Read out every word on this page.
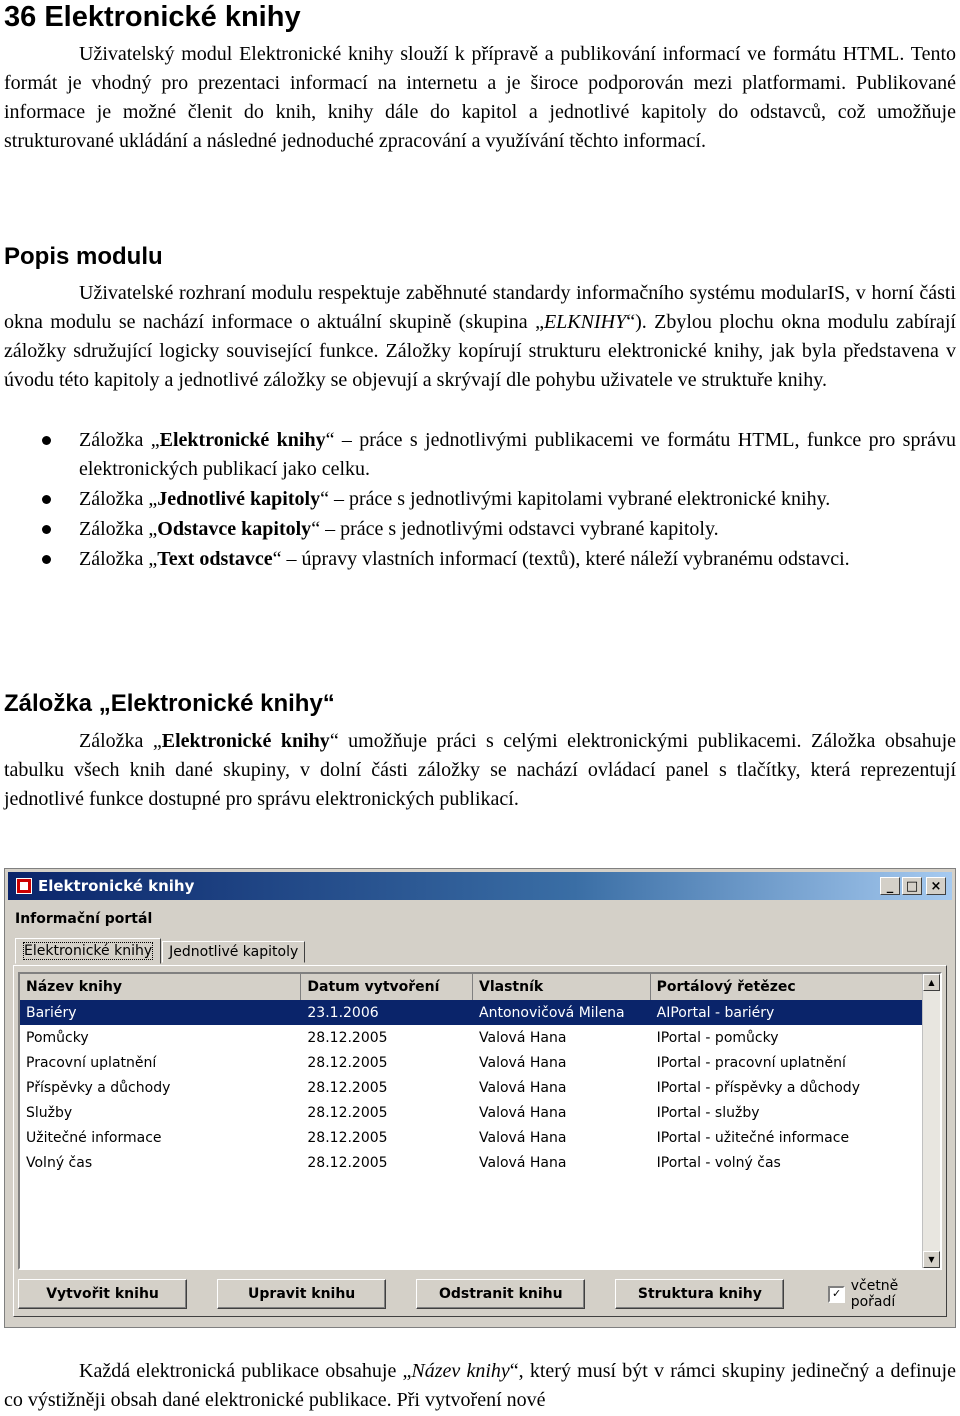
36 Elektronické knihy

Uživatelský modul Elektronické knihy slouží k přípravě a publikování informací ve formátu HTML. Tento formát je vhodný pro prezentaci informací na internetu a je široce podporován mezi platformami. Publikované informace je možné členit do knih, knihy dále do kapitol a jednotlivé kapitoly do odstavců, což umožňuje strukturované ukládání a následné jednoduché zpracování a využívání těchto informací.

Popis modulu

Uživatelské rozhraní modulu respektuje zaběhnuté standardy informačního systému modularIS, v horní části okna modulu se nachází informace o aktuální skupině (skupina „ELKNIHY“). Zbylou plochu okna modulu zabírají záložky sdružující logicky související funkce. Záložky kopírují strukturu elektronické knihy, jak byla představena v úvodu této kapitoly a jednotlivé záložky se objevují a skrývají dle pohybu uživatele ve struktuře knihy.

Záložka „Elektronické knihy“ – práce s jednotlivými publikacemi ve formátu HTML, funkce pro správu elektronických publikací jako celku.
Záložka „Jednotlivé kapitoly“ – práce s jednotlivými kapitolami vybrané elektronické knihy.
Záložka „Odstavce kapitoly“ – práce s jednotlivými odstavci vybrané kapitoly.
Záložka „Text odstavce“ – úpravy vlastních informací (textů), které náleží vybranému odstavci.
Záložka „Elektronické knihy“

Záložka „Elektronické knihy“ umožňuje práci s celými elektronickými publikacemi. Záložka obsahuje tabulku všech knih dané skupiny, v dolní části záložky se nachází ovládací panel s tlačítky, která reprezentují jednotlivé funkce dostupné pro správu elektronických publikací.

Elektronické knihy	_ □ ×
Informační portál
Elektronické knihy	Jednotlivé kapitoly
Název knihy	Datum vytvoření	Vlastník	Portálový řetězec
Bariéry	23.1.2006	Antonovičová Milena	AIPortal - bariéry
Pomůcky	28.12.2005	Valová Hana	IPortal - pomůcky
Pracovní uplatnění	28.12.2005	Valová Hana	IPortal - pracovní uplatnění
Příspěvky a důchody	28.12.2005	Valová Hana	IPortal - příspěvky a důchody
Služby	28.12.2005	Valová Hana	IPortal - služby
Užitečné informace	28.12.2005	Valová Hana	IPortal - užitečné informace
Volný čas	28.12.2005	Valová Hana	IPortal - volný čas
▲
▼
Vytvořit knihu	Upravit knihu	Odstranit knihu	Struktura knihy	✓ včetně pořadí

Každá elektronická publikace obsahuje „Název knihy“, který musí být v rámci skupiny jedinečný a definuje co výstižněji obsah dané elektronické publikace. Při vytvoření nové
